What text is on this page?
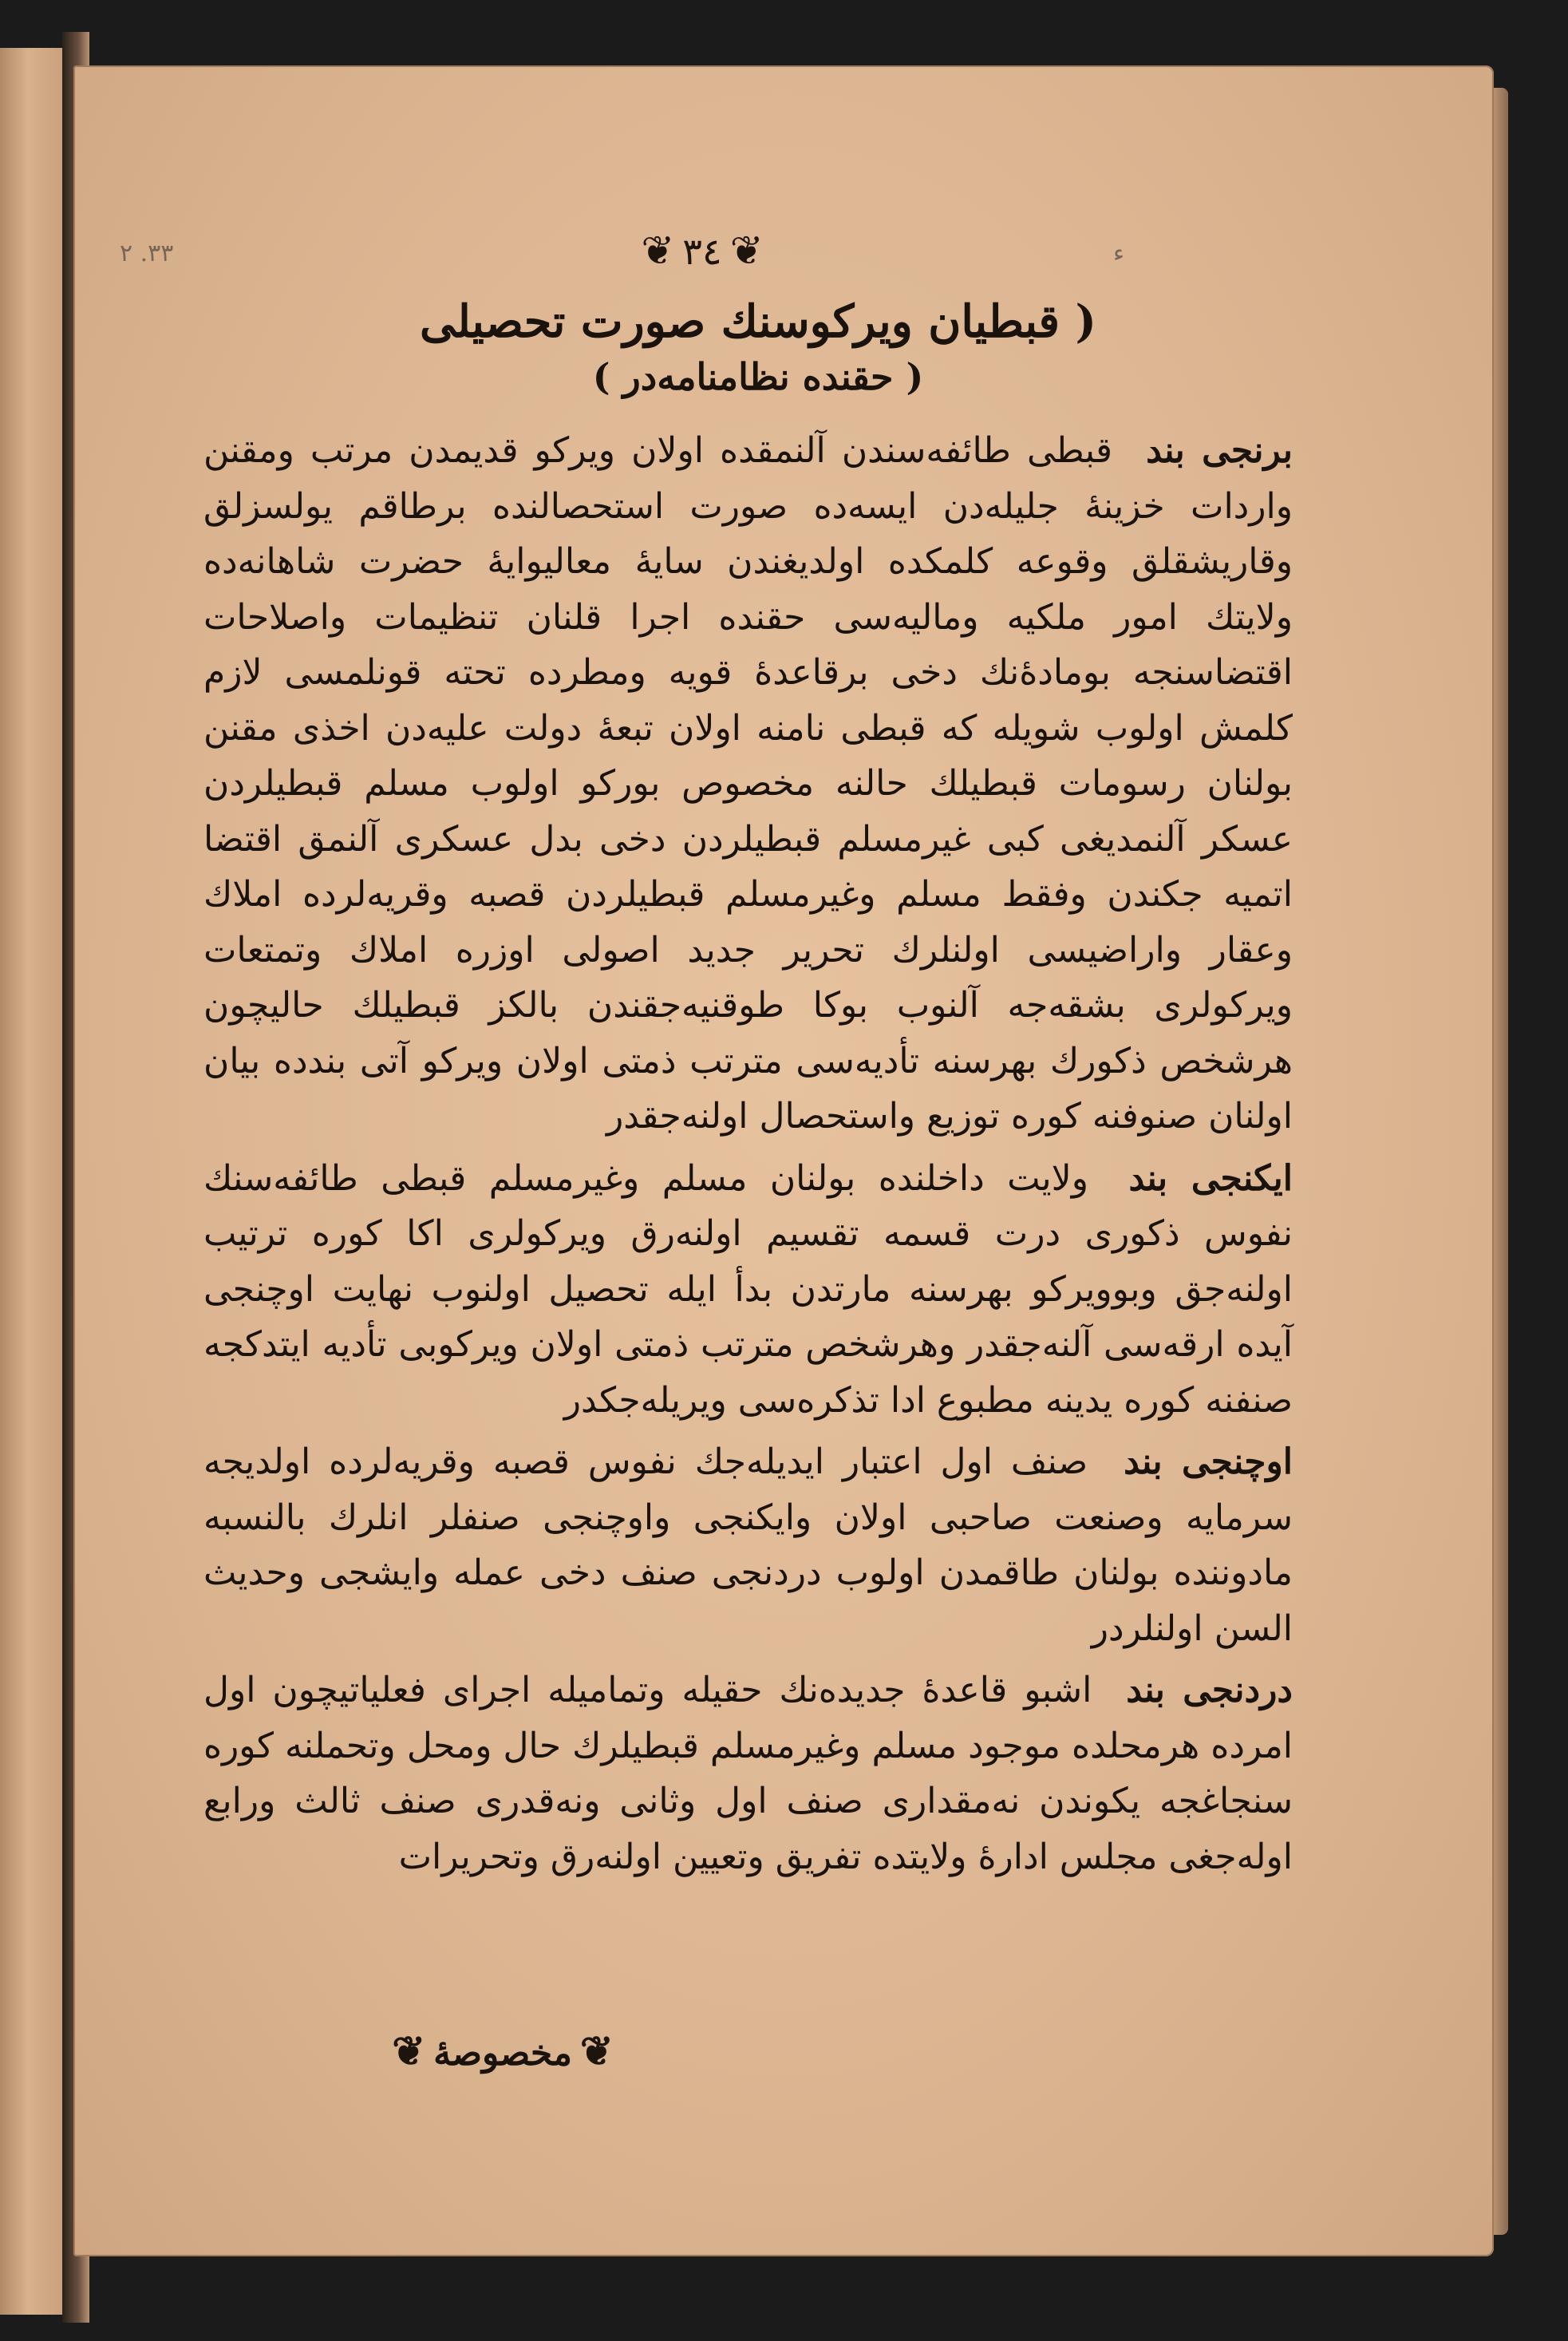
۲ .۳۳	ء
❦٣٤❦
( قبطیان ویرکوسنك صورت تحصیلی
( حقنده نظامنامه‌در )

برنجی بند قبطی طائفه‌سندن آلنمقده اولان ویرکو قدیمدن مرتب ومقنن واردات خزینهٔ جلیله‌دن ایسه‌ده صورت استحصالنده برطاقم یولسزلق وقاریشقلق وقوعه کلمکده اولدیغندن سایهٔ معالیوایهٔ حضرت شاهانه‌ده ولایتك امور ملکیه ومالیه‌سی حقنده اجرا قلنان تنظیمات واصلاحات اقتضاسنجه بومادهٔ‌نك دخی برقاعدهٔ قویه ومطرده تحته قونلمسی لازم کلمش اولوب شویله که قبطی نامنه اولان تبعهٔ دولت علیه‌دن اخذی مقنن بولنان رسومات قبطیلك حالنه مخصوص بورکو اولوب مسلم قبطیلردن عسکر آلنمدیغی کبی غیرمسلم قبطیلردن دخی بدل عسکری آلنمق اقتضا اتمیه جکندن وفقط مسلم وغیرمسلم قبطیلردن قصبه وقریه‌لرده املاك وعقار واراضیسی اولنلرك تحریر جدید اصولی اوزره املاك وتمتعات ویرکولری بشقه‌جه آلنوب بوکا طوقنیه‌جقندن بالکز قبطیلك حالیچون هرشخص ذکورك بهرسنه تأدیه‌سی مترتب ذمتی اولان ویرکو آتی بندده بیان اولنان صنوفنه کوره توزیع واستحصال اولنه‌جقدر

ایکنجی بند ولایت داخلنده بولنان مسلم وغیرمسلم قبطی طائفه‌سنك نفوس ذکوری درت قسمه تقسیم اولنه‌رق ویرکولری اکا کوره ترتیب اولنه‌جق وبوویرکو بهرسنه مارتدن بدأ ایله تحصیل اولنوب نهایت اوچنجی آیده ارقه‌سی آلنه‌جقدر وهرشخص مترتب ذمتی اولان ویرکوبی تأدیه ایتدکجه صنفنه کوره یدینه مطبوع ادا تذکره‌سی ویریله‌جکدر

اوچنجی بند صنف اول اعتبار ایدیله‌جك نفوس قصبه وقریه‌لرده اولدیجه سرمایه وصنعت صاحبی اولان وایکنجی واوچنجی صنفلر انلرك بالنسبه مادوننده بولنان طاقمدن اولوب دردنجی صنف دخی عمله وایشجی وحدیث السن اولنلردر

دردنجی بند اشبو قاعدهٔ جدیده‌نك حقیله وتمامیله اجرای فعلیاتیچون اول امرده هرمحلده موجود مسلم وغیرمسلم قبطیلرك حال ومحل وتحملنه کوره سنجاغجه یکوندن نه‌مقداری صنف اول وثانی ونه‌قدری صنف ثالث ورابع اوله‌جغی مجلس ادارهٔ ولایتده تفریق وتعیین اولنه‌رق وتحریرات

❦مخصوصهٔ❦
